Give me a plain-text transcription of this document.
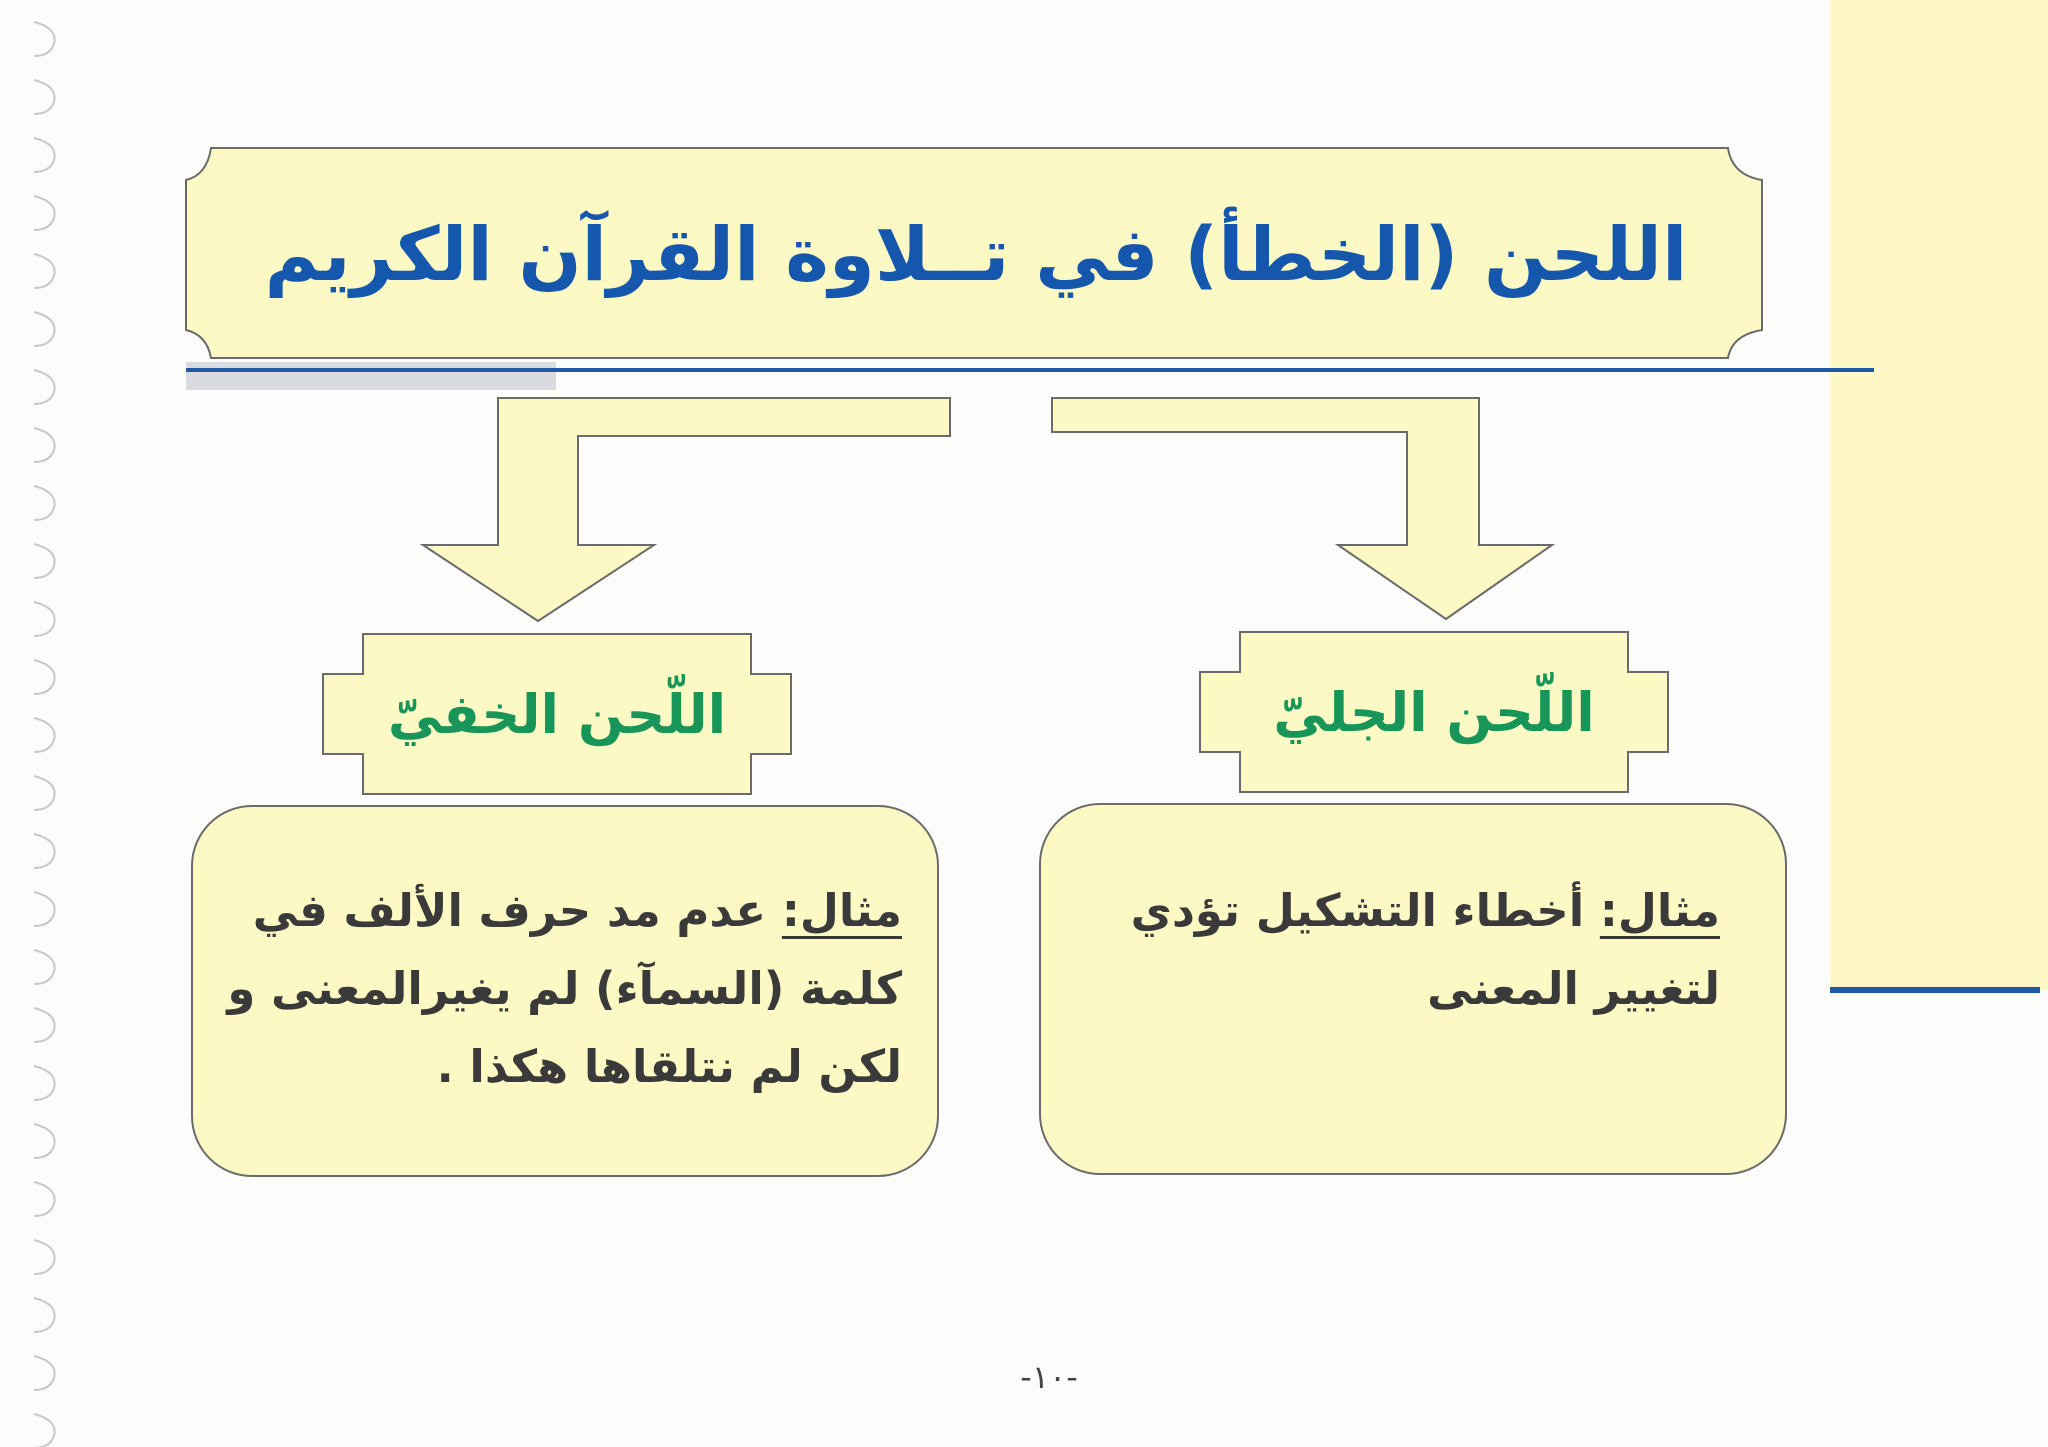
اللحن (الخطأ) في تــلاوة القرآن الكريم
اللّحن الجليّ
اللّحن الخفيّ
مثال: أخطاء التشكيل تؤدي لتغيير المعنى
مثال: عدم مد حرف الألف في كلمة (السمآء) لم يغيرالمعنى و لكن لم نتلقاها هكذا .
-١٠-
